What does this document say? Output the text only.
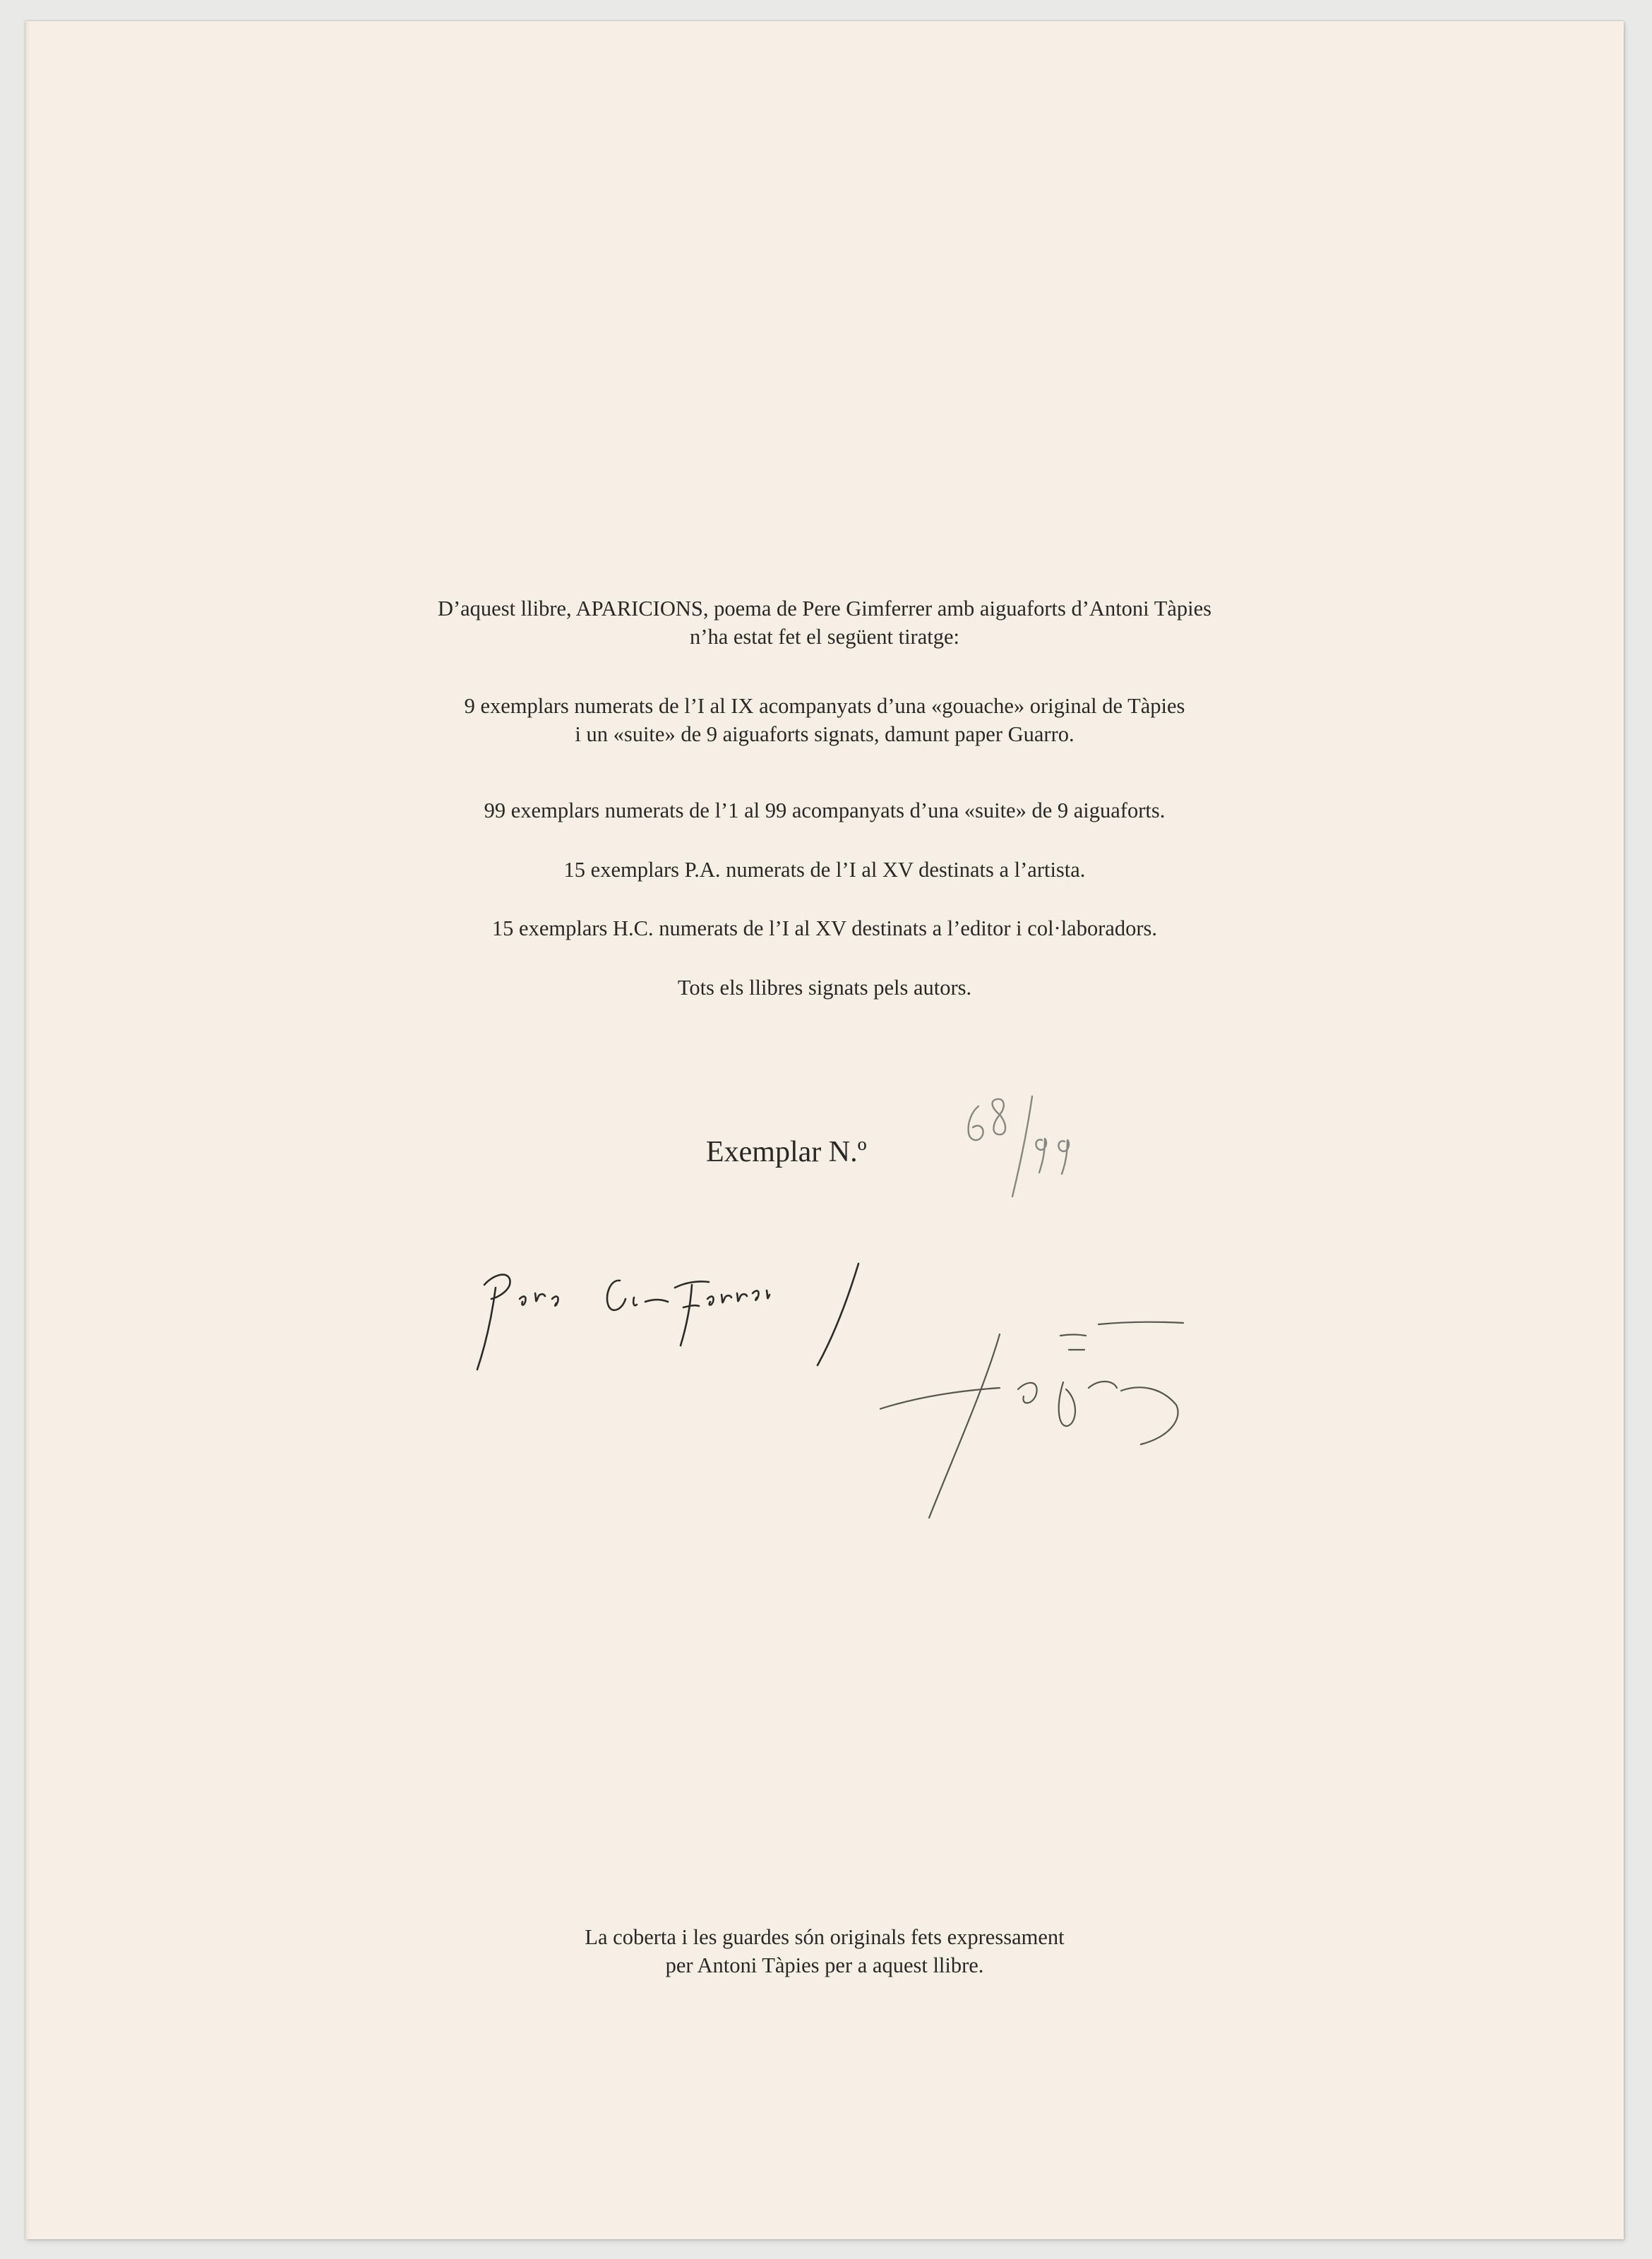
D’aquest llibre, APARICIONS, poema de Pere Gimferrer amb aiguaforts d’Antoni Tàpies

n’ha estat fet el següent tiratge:

9 exemplars numerats de l’I al IX acompanyats d’una «gouache» original de Tàpies

i un «suite» de 9 aiguaforts signats, damunt paper Guarro.

99 exemplars numerats de l’1 al 99 acompanyats d’una «suite» de 9 aiguaforts.

15 exemplars P.A. numerats de l’I al XV destinats a l’artista.

15 exemplars H.C. numerats de l’I al XV destinats a l’editor i col·laboradors.

Tots els llibres signats pels autors.

Exemplar N.º

La coberta i les guardes són originals fets expressament

per Antoni Tàpies per a aquest llibre.
